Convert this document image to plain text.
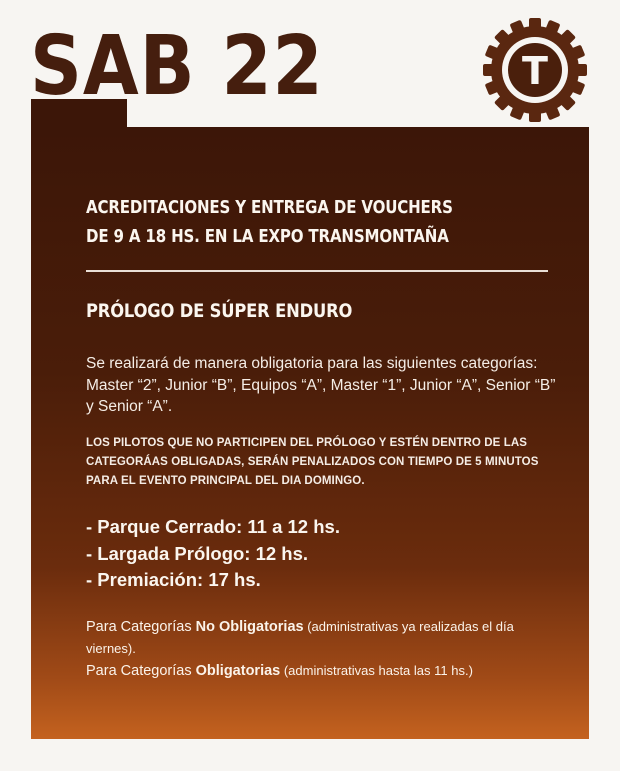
SAB 22	T
ACREDITACIONES Y ENTREGA DE VOUCHERS
DE 9 A 18 HS. EN LA EXPO TRANSMONTAÑA
PRÓLOGO DE SÚPER ENDURO
Se realizará de manera obligatoria para las siguientes categorías: Master “2”, Junior “B”, Equipos “A”, Master “1”, Junior “A”, Senior “B” y Senior “A”.
LOS PILOTOS QUE NO PARTICIPEN DEL PRÓLOGO Y ESTÉN DENTRO DE LAS CATEGORÁAS OBLIGADAS, SERÁN PENALIZADOS CON TIEMPO DE 5 MINUTOS PARA EL EVENTO PRINCIPAL DEL DIA DOMINGO.
- Parque Cerrado: 11 a 12 hs.
- Largada Prólogo: 12 hs.
- Premiación: 17 hs.
Para Categorías No Obligatorias (administrativas ya realizadas el día viernes).
Para Categorías Obligatorias (administrativas hasta las 11 hs.)
